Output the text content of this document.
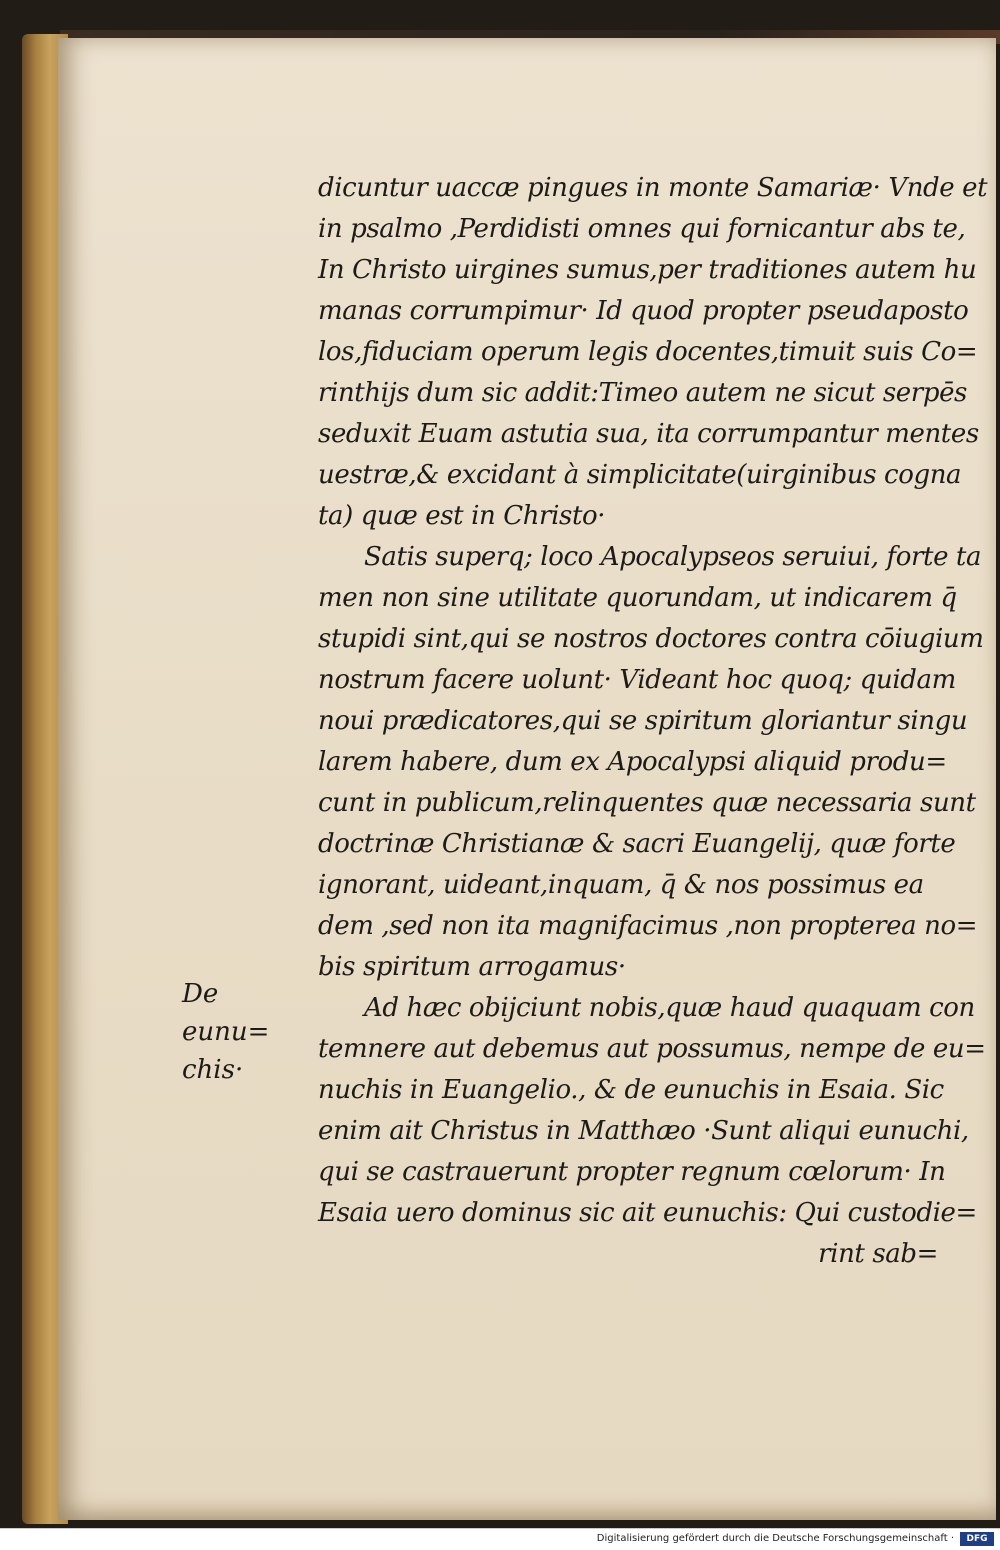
dicuntur uaccæ pingues in monte Samariæ· Vnde et
in psalmo ,Perdidisti omnes qui fornicantur abs te,
In Christo uirgines sumus,per traditiones autem hu
manas corrumpimur· Id quod propter pseudaposto
los,fiduciam operum legis docentes,timuit suis Co=
rinthijs dum sic addit:Timeo autem ne sicut serpēs
seduxit Euam astutia sua, ita corrumpantur mentes
uestræ,& excidant à simplicitate(uirginibus cogna
ta) quæ est in Christo·
Satis superq; loco Apocalypseos seruiui, forte ta
men non sine utilitate quorundam, ut indicarem q̄
stupidi sint,qui se nostros doctores contra cōiugium
nostrum facere uolunt· Videant hoc quoq; quidam
noui prædicatores,qui se spiritum gloriantur singu
larem habere, dum ex Apocalypsi aliquid produ=
cunt in publicum,relinquentes quæ necessaria sunt
doctrinæ Christianæ & sacri Euangelij, quæ forte
ignorant, uideant,inquam, q̄ & nos possimus ea
dem ,sed non ita magnifacimus ,non propterea no=
bis spiritum arrogamus·
Ad hæc obijciunt nobis,quæ haud quaquam con
temnere aut debemus aut possumus, nempe de eu=
nuchis in Euangelio., & de eunuchis in Esaia. Sic
enim ait Christus in Matthæo ·Sunt aliqui eunuchi,
qui se castrauerunt propter regnum cœlorum· In
Esaia uero dominus sic ait eunuchis: Qui custodie=
rint sab=
De eunu=
chis·
Digitalisierung gefördert durch die Deutsche Forschungsgemeinschaft ·	DFG
